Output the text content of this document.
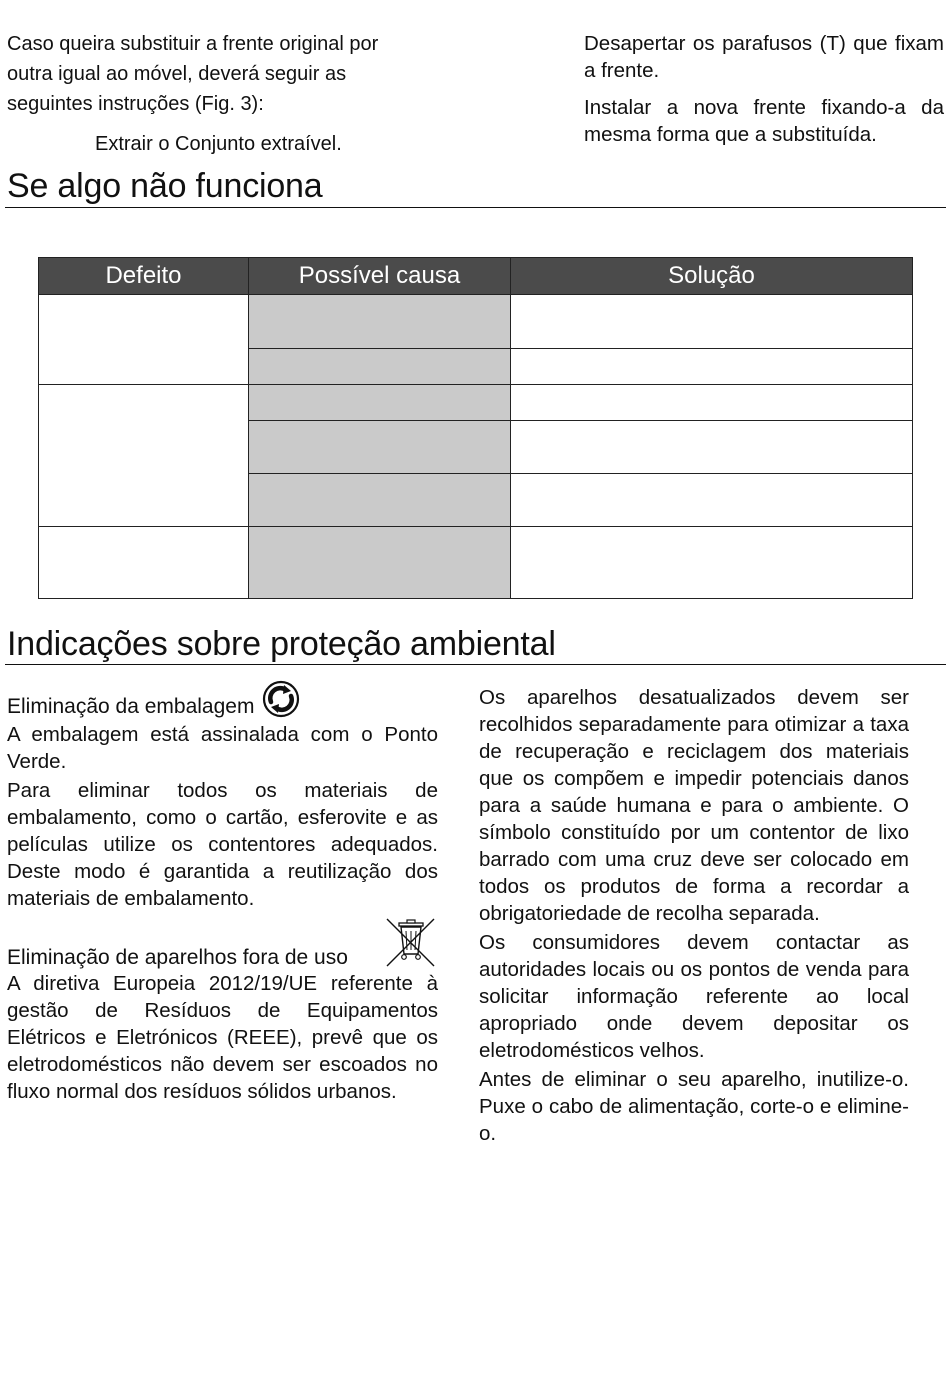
Caso queira substituir a frente original por
outra igual ao móvel, deverá seguir as
seguintes instruções (Fig. 3):
Extrair o Conjunto extraível.
Desapertar os parafusos (T) que fixam a frente.
Instalar a nova frente fixando-a da mesma forma que a substituída.
Se algo não funciona
Defeito	Possível causa	Solução

Indicações sobre proteção ambiental
Eliminação da embalagem

A embalagem está assinalada com o Ponto Verde.

Para eliminar todos os materiais de embalamento, como o cartão, esferovite e as películas utilize os contentores adequados. Deste modo é garantida a reutilização dos materiais de embalamento.

Eliminação de aparelhos fora de uso

A diretiva Europeia 2012/19/UE referente à gestão de Resíduos de Equipamentos Elétricos e Eletrónicos (REEE), prevê que os eletrodomésticos não devem ser escoados no fluxo normal dos resíduos sólidos urbanos.

Os aparelhos desatualizados devem ser recolhidos separadamente para otimizar a taxa de recuperação e reciclagem dos materiais que os compõem e impedir potenciais danos para a saúde humana e para o ambiente. O símbolo constituído por um contentor de lixo barrado com uma cruz deve ser colocado em todos os produtos de forma a recordar a obrigatoriedade de recolha separada.

Os consumidores devem contactar as autoridades locais ou os pontos de venda para solicitar informação referente ao local apropriado onde devem depositar os eletrodomésticos velhos.

Antes de eliminar o seu aparelho, inutilize-o. Puxe o cabo de alimentação, corte-o e elimine-o.
